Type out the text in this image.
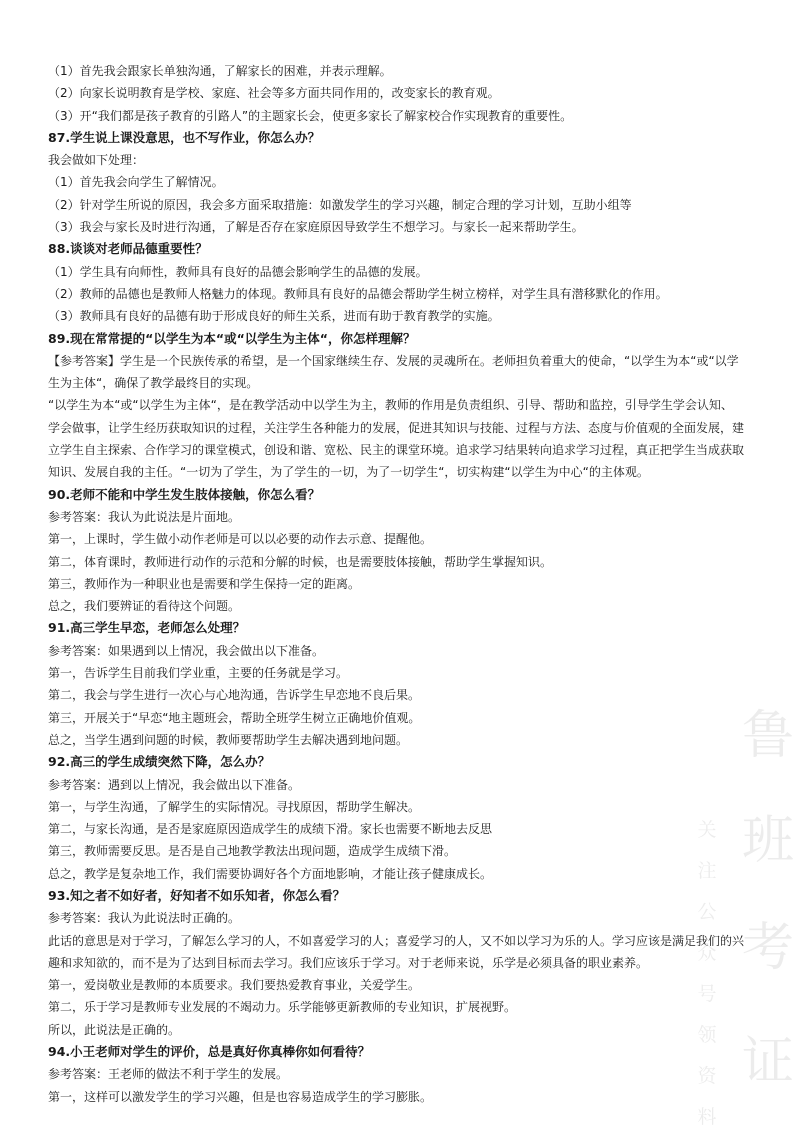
（1）首先我会跟家长单独沟通，了解家长的困难，并表示理解。
（2）向家长说明教育是学校、家庭、社会等多方面共同作用的，改变家长的教育观。
（3）开“我们都是孩子教育的引路人”的主题家长会，使更多家长了解家校合作实现教育的重要性。
87.学生说上课没意思，也不写作业，你怎么办？
我会做如下处理：
（1）首先我会向学生了解情况。
（2）针对学生所说的原因，我会多方面采取措施：如激发学生的学习兴趣，制定合理的学习计划，互助小组等
（3）我会与家长及时进行沟通，了解是否存在家庭原因导致学生不想学习。与家长一起来帮助学生。
88.谈谈对老师品德重要性？
（1）学生具有向师性，教师具有良好的品德会影响学生的品德的发展。
（2）教师的品德也是教师人格魅力的体现。教师具有良好的品德会帮助学生树立榜样，对学生具有潜移默化的作用。
（3）教师具有良好的品德有助于形成良好的师生关系，进而有助于教育教学的实施。
89.现在常常提的“以学生为本“或“以学生为主体“，你怎样理解？
【参考答案】学生是一个民族传承的希望，是一个国家继续生存、发展的灵魂所在。老师担负着重大的使命，“以学生为本“或“以学
生为主体“，确保了教学最终目的实现。
“以学生为本“或“以学生为主体“，是在教学活动中以学生为主，教师的作用是负责组织、引导、帮助和监控，引导学生学会认知、
学会做事，让学生经历获取知识的过程，关注学生各种能力的发展，促进其知识与技能、过程与方法、态度与价值观的全面发展，建
立学生自主探索、合作学习的课堂模式，创设和谐、宽松、民主的课堂环境。追求学习结果转向追求学习过程，真正把学生当成获取
知识、发展自我的主任。“一切为了学生，为了学生的一切，为了一切学生“，切实构建“以学生为中心“的主体观。
90.老师不能和中学生发生肢体接触，你怎么看？
参考答案：我认为此说法是片面地。
第一，上课时，学生做小动作老师是可以以必要的动作去示意、提醒他。
第二，体育课时，教师进行动作的示范和分解的时候，也是需要肢体接触，帮助学生掌握知识。
第三，教师作为一种职业也是需要和学生保持一定的距离。
总之，我们要辨证的看待这个问题。
91.高三学生早恋，老师怎么处理？
参考答案：如果遇到以上情况，我会做出以下准备。
第一，告诉学生目前我们学业重，主要的任务就是学习。
第二，我会与学生进行一次心与心地沟通，告诉学生早恋地不良后果。
第三，开展关于“早恋“地主题班会，帮助全班学生树立正确地价值观。
总之，当学生遇到问题的时候，教师要帮助学生去解决遇到地问题。
92.高三的学生成绩突然下降，怎么办？
参考答案：遇到以上情况，我会做出以下准备。
第一，与学生沟通，了解学生的实际情况。寻找原因，帮助学生解决。
第二，与家长沟通，是否是家庭原因造成学生的成绩下滑。家长也需要不断地去反思
第三，教师需要反思。是否是自己地教学教法出现问题，造成学生成绩下滑。
总之，教学是复杂地工作，我们需要协调好各个方面地影响，才能让孩子健康成长。
93.知之者不如好者，好知者不如乐知者，你怎么看？
参考答案：我认为此说法时正确的。
此话的意思是对于学习，了解怎么学习的人，不如喜爱学习的人；喜爱学习的人，又不如以学习为乐的人。学习应该是满足我们的兴
趣和求知欲的，而不是为了达到目标而去学习。我们应该乐于学习。对于老师来说，乐学是必须具备的职业素养。
第一，爱岗敬业是教师的本质要求。我们要热爱教育事业，关爱学生。
第二，乐于学习是教师专业发展的不竭动力。乐学能够更新教师的专业知识，扩展视野。
所以，此说法是正确的。
94.小王老师对学生的评价，总是真好你真棒你如何看待？
参考答案：王老师的做法不利于学生的发展。
第一，这样可以激发学生的学习兴趣，但是也容易造成学生的学习膨胀。
鲁
班
考
证
关
注
公
众
号
领
资
料
